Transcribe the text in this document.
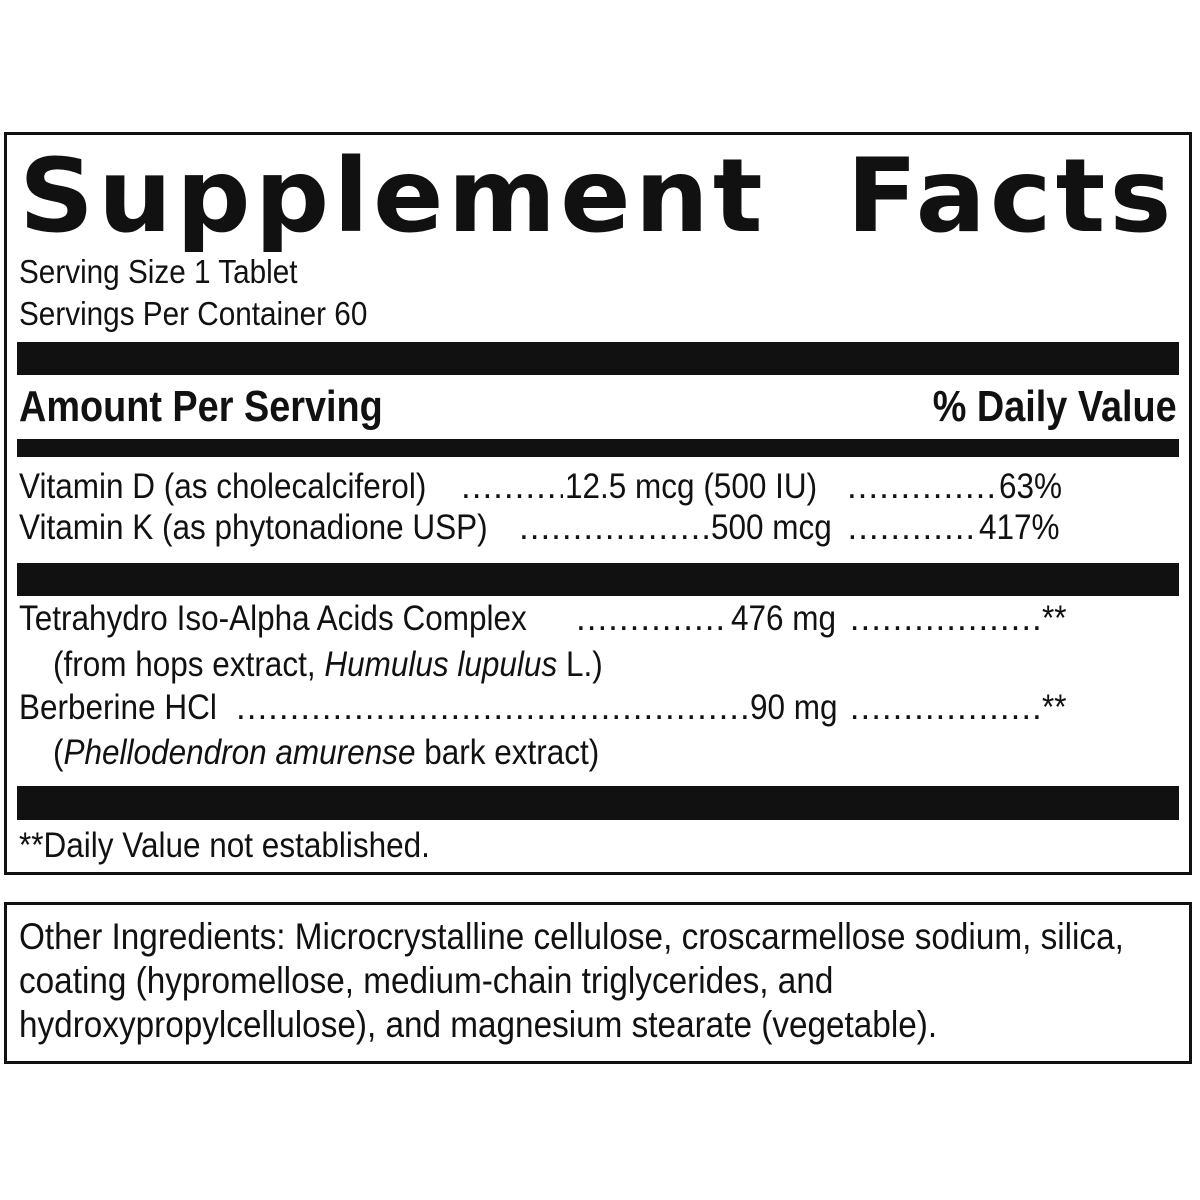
Supplement Facts
Serving Size 1 Tablet
Servings Per Container 60
Amount Per Serving	% Daily Value
Vitamin D (as cholecalciferol) .....	12.5 mcg (500 IU) .....	63%
Vitamin K (as phytonadione USP) .....	500 mcg .....	417%
Tetrahydro Iso-Alpha Acids Complex .....	476 mg .....	**
(from hops extract, Humulus lupulus L.)
Berberine HCl .....	90 mg .....	**
(Phellodendron amurense bark extract)
**Daily Value not established.
Other Ingredients: Microcrystalline cellulose, croscarmellose sodium, silica, coating (hypromellose, medium-chain triglycerides, and hydroxypropylcellulose), and magnesium stearate (vegetable).
